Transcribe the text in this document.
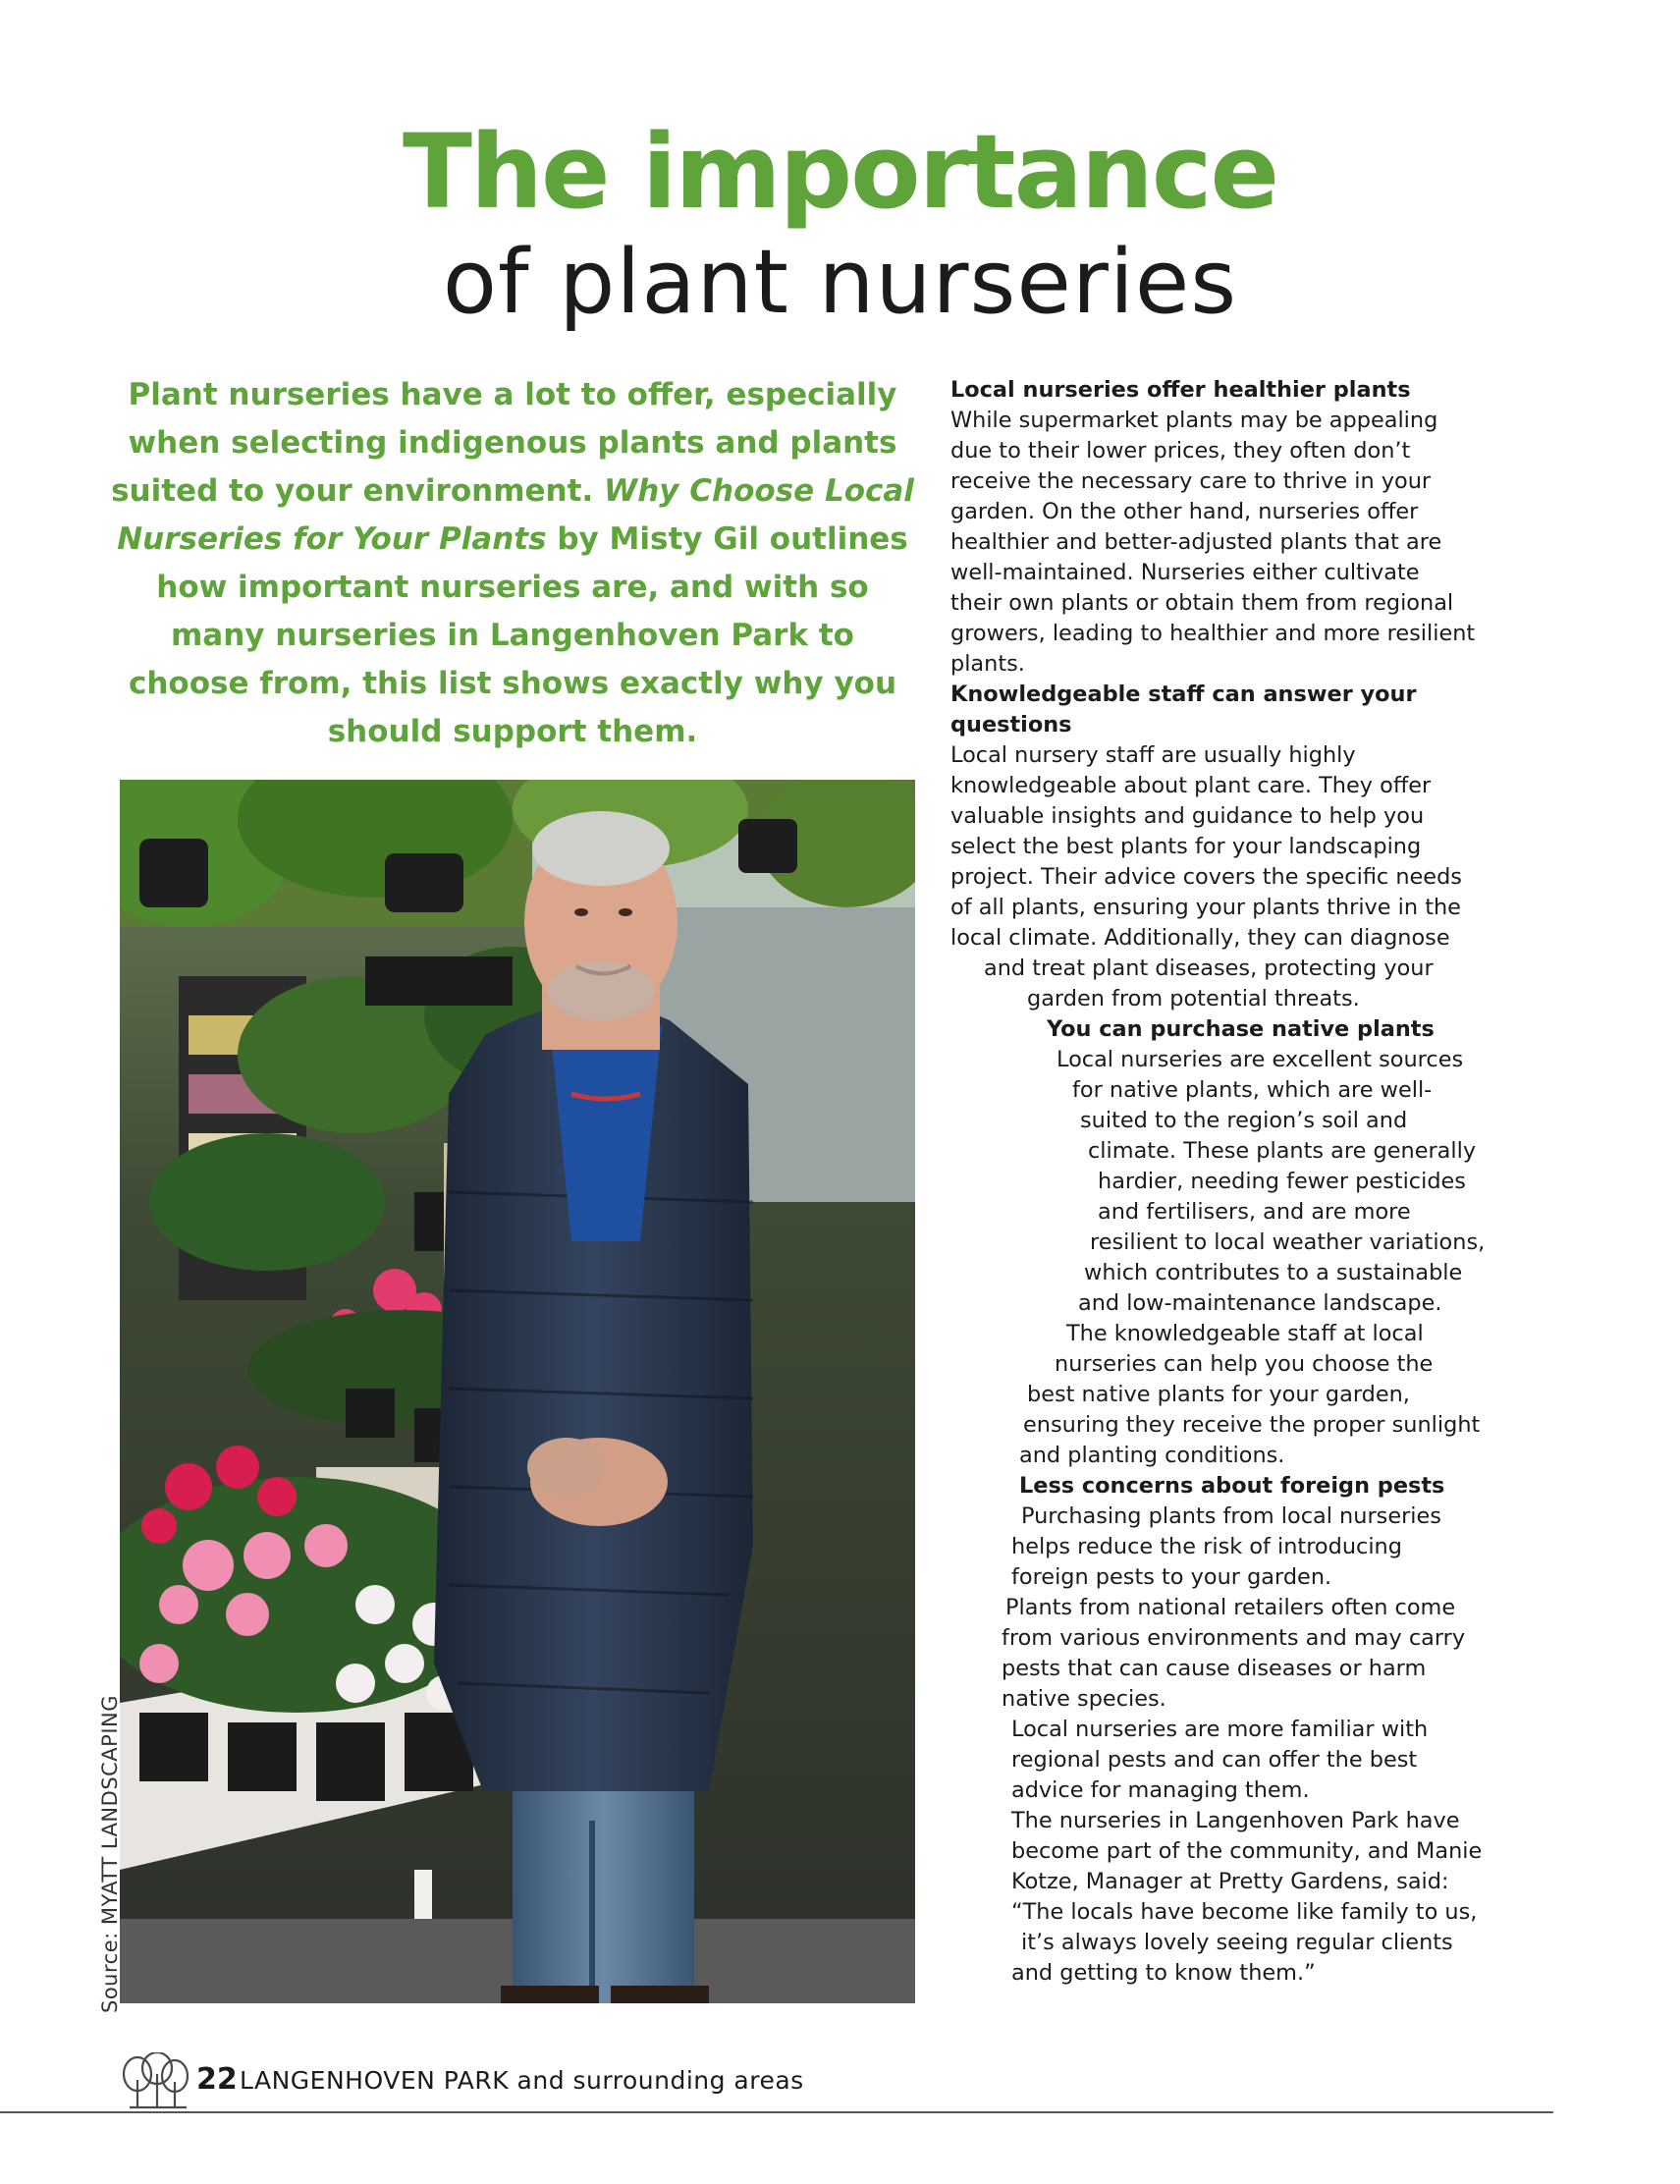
The importance
of plant nurseries

Plant nurseries have a lot to offer, especially when selecting indigenous plants and plants suited to your environment. Why Choose Local Nurseries for Your Plants by Misty Gil outlines how important nurseries are, and with so many nurseries in Langenhoven Park to choose from, this list shows exactly why you should support them.

Source: MYATT LANDSCAPING
Local nurseries offer healthier plants
While supermarket plants may be appealing
due to their lower prices, they often don’t
receive the necessary care to thrive in your
garden. On the other hand, nurseries offer
healthier and better-adjusted plants that are
well-maintained. Nurseries either cultivate
their own plants or obtain them from regional
growers, leading to healthier and more resilient
plants.
Knowledgeable staff can answer your
questions
Local nursery staff are usually highly
knowledgeable about plant care. They offer
valuable insights and guidance to help you
select the best plants for your landscaping
project. Their advice covers the specific needs
of all plants, ensuring your plants thrive in the
local climate. Additionally, they can diagnose
and treat plant diseases, protecting your
garden from potential threats.
You can purchase native plants
Local nurseries are excellent sources
for native plants, which are well-
suited to the region’s soil and
climate. These plants are generally
hardier, needing fewer pesticides
and fertilisers, and are more
resilient to local weather variations,
which contributes to a sustainable
and low-maintenance landscape.
The knowledgeable staff at local
nurseries can help you choose the
best native plants for your garden,
ensuring they receive the proper sunlight
and planting conditions.
Less concerns about foreign pests
Purchasing plants from local nurseries
helps reduce the risk of introducing
foreign pests to your garden.
Plants from national retailers often come
from various environments and may carry
pests that can cause diseases or harm
native species.
Local nurseries are more familiar with
regional pests and can offer the best
advice for managing them.
The nurseries in Langenhoven Park have
become part of the community, and Manie
Kotze, Manager at Pretty Gardens, said:
“The locals have become like family to us,
it’s always lovely seeing regular clients
and getting to know them.”
22 LANGENHOVEN PARK and surrounding areas
